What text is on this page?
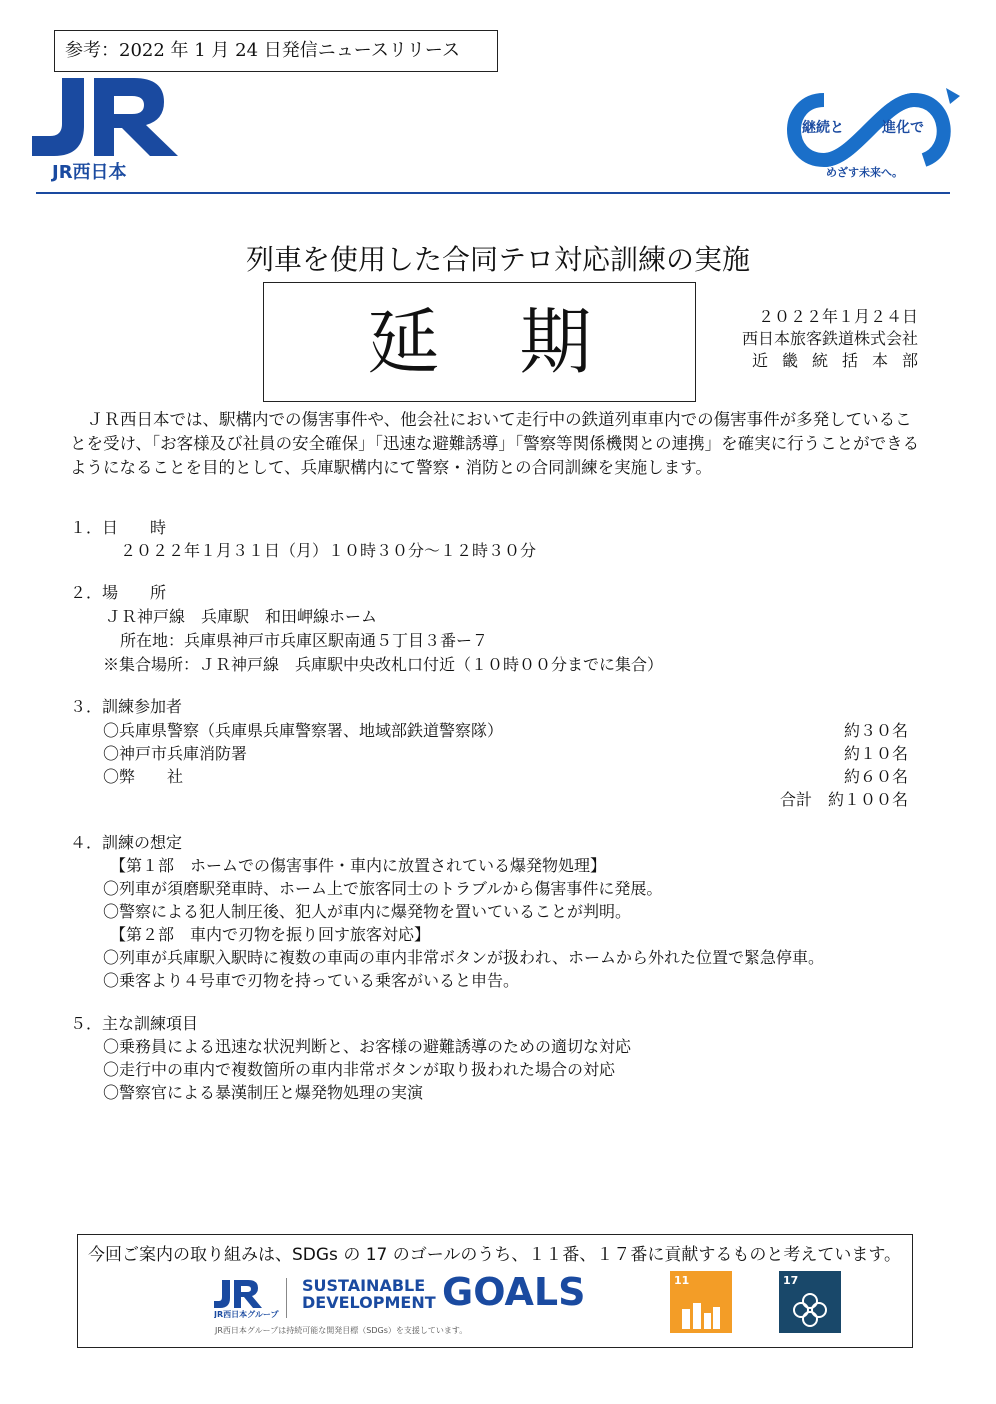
参考：2022 年 1 月 24 日発信ニュースリリース
JR西日本
継続と	進化で
めざす未来へ。
列車を使用した合同テロ対応訓練の実施
延期	２０２２年１月２４日
西日本旅客鉄道株式会社
近畿統括本部
ＪＲ西日本では、駅構内での傷害事件や、他会社において走行中の鉄道列車車内での傷害事件が多発していることを受け、「お客様及び社員の安全確保」「迅速な避難誘導」「警察等関係機関との連携」を確実に行うことができるようになることを目的として、兵庫駅構内にて警察・消防との合同訓練を実施します。
１．日　　時
２０２２年１月３１日（月）１０時３０分～１２時３０分
２．場　　所
ＪＲ神戸線　兵庫駅　和田岬線ホーム
所在地：兵庫県神戸市兵庫区駅南通５丁目３番ー７
※集合場所：ＪＲ神戸線　兵庫駅中央改札口付近（１０時００分までに集合）
３．訓練参加者
〇兵庫県警察（兵庫県兵庫警察署、地域部鉄道警察隊）	約３０名
〇神戸市兵庫消防署	約１０名
〇弊　　社	約６０名
合計　約１００名
４．訓練の想定
【第１部　ホームでの傷害事件・車内に放置されている爆発物処理】
〇列車が須磨駅発車時、ホーム上で旅客同士のトラブルから傷害事件に発展。
〇警察による犯人制圧後、犯人が車内に爆発物を置いていることが判明。
【第２部　車内で刃物を振り回す旅客対応】
〇列車が兵庫駅入駅時に複数の車両の車内非常ボタンが扱われ、ホームから外れた位置で緊急停車。
〇乗客より４号車で刃物を持っている乗客がいると申告。
５．主な訓練項目
〇乗務員による迅速な状況判断と、お客様の避難誘導のための適切な対応
〇走行中の車内で複数箇所の車内非常ボタンが取り扱われた場合の対応
〇警察官による暴漢制圧と爆発物処理の実演
今回ご案内の取り組みは、SDGs の 17 のゴールのうち、１１番、１７番に貢献するものと考えています。
JR西日本グループ
SUSTAINABLE
DEVELOPMENT GOALS	11	17
JR西日本グループは持続可能な開発目標（SDGs）を支援しています。
